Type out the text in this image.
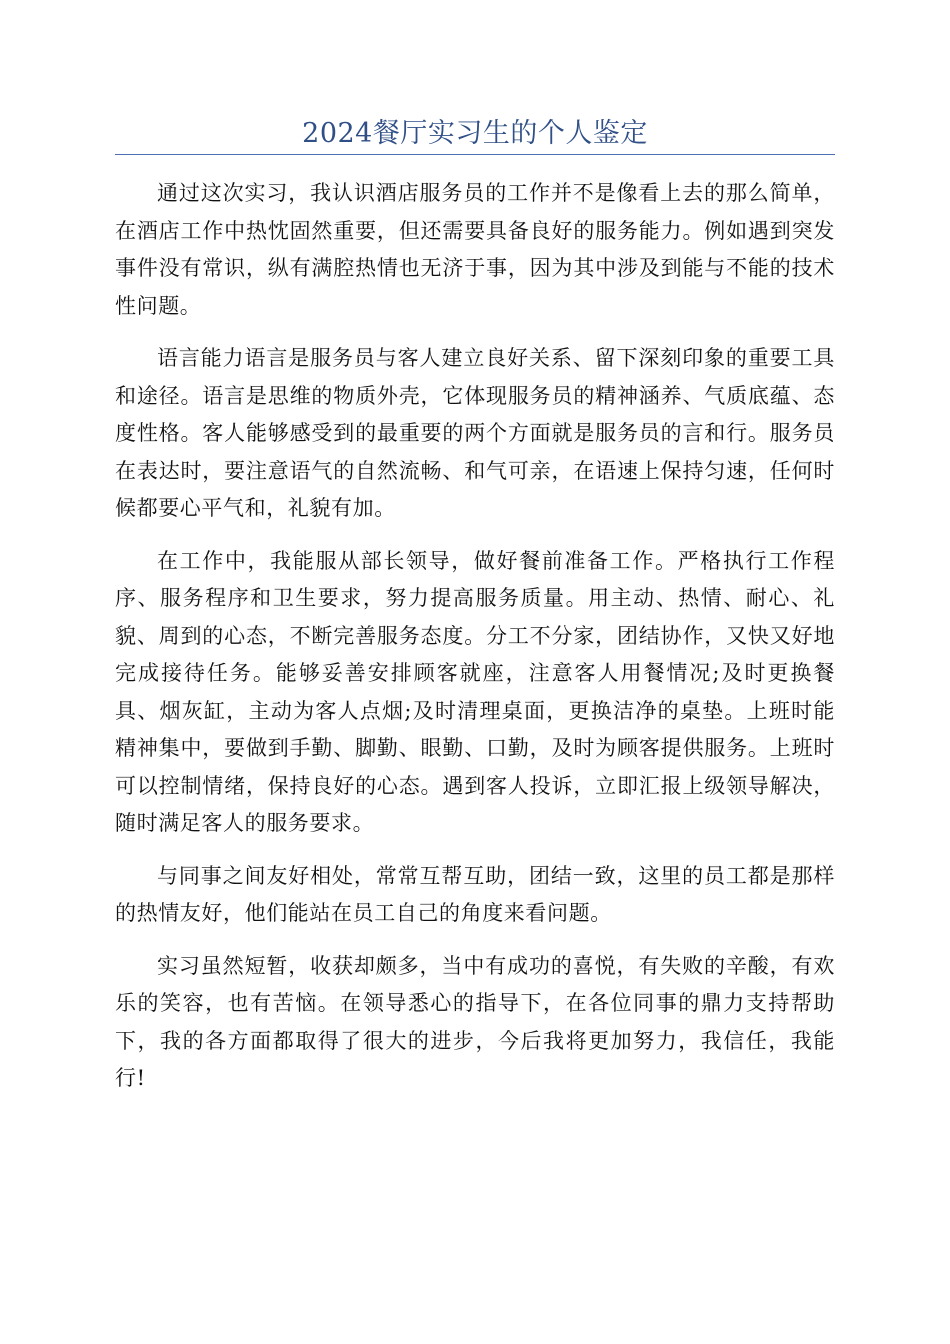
2024餐厅实习生的个人鉴定

通过这次实习，我认识酒店服务员的工作并不是像看上去的那么简单，在酒店工作中热忱固然重要，但还需要具备良好的服务能力。例如遇到突发事件没有常识，纵有满腔热情也无济于事，因为其中涉及到能与不能的技术性问题。

语言能力语言是服务员与客人建立良好关系、留下深刻印象的重要工具和途径。语言是思维的物质外壳，它体现服务员的精神涵养、气质底蕴、态度性格。客人能够感受到的最重要的两个方面就是服务员的言和行。服务员在表达时，要注意语气的自然流畅、和气可亲，在语速上保持匀速，任何时候都要心平气和，礼貌有加。

在工作中，我能服从部长领导，做好餐前准备工作。严格执行工作程序、服务程序和卫生要求，努力提高服务质量。用主动、热情、耐心、礼貌、周到的心态，不断完善服务态度。分工不分家，团结协作，又快又好地完成接待任务。能够妥善安排顾客就座，注意客人用餐情况;及时更换餐具、烟灰缸，主动为客人点烟;及时清理桌面，更换洁净的桌垫。上班时能精神集中，要做到手勤、脚勤、眼勤、口勤，及时为顾客提供服务。上班时可以控制情绪，保持良好的心态。遇到客人投诉，立即汇报上级领导解决，随时满足客人的服务要求。

与同事之间友好相处，常常互帮互助，团结一致，这里的员工都是那样的热情友好，他们能站在员工自己的角度来看问题。

实习虽然短暂，收获却颇多，当中有成功的喜悦，有失败的辛酸，有欢乐的笑容，也有苦恼。在领导悉心的指导下，在各位同事的鼎力支持帮助下，我的各方面都取得了很大的进步，今后我将更加努力，我信任，我能行!
